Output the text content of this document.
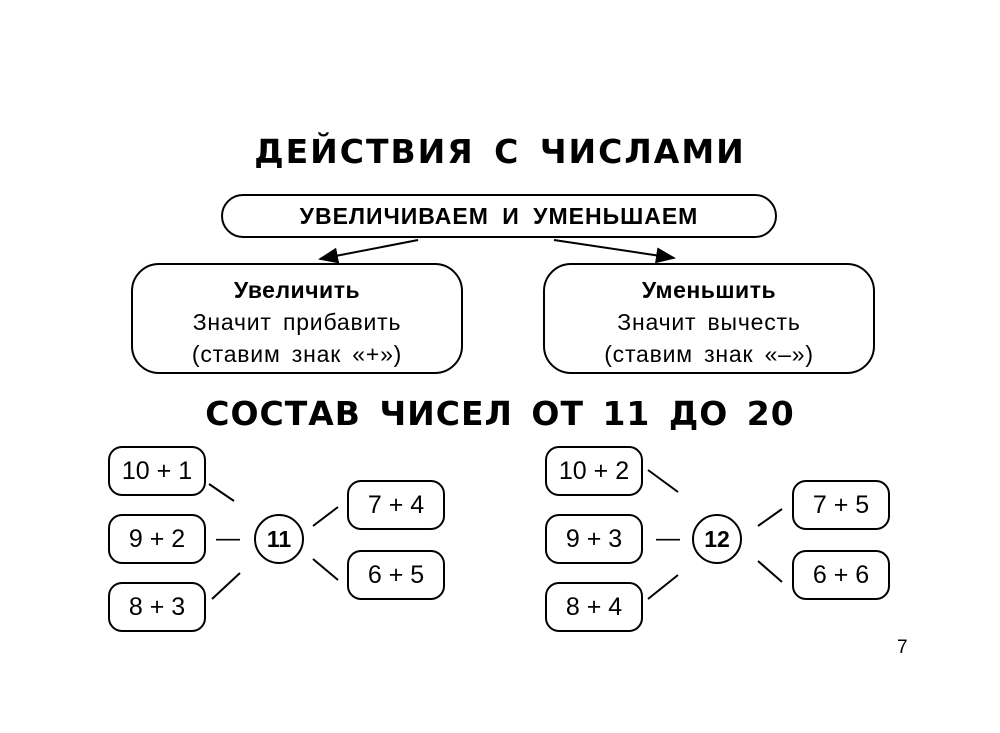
ДЕЙСТВИЯ С ЧИСЛАМИ
УВЕЛИЧИВАЕМ И УМЕНЬШАЕМ
Увеличить
Значит прибавить
(ставим знак «+»)
Уменьшить
Значит вычесть
(ставим знак «–»)
СОСТАВ ЧИСЕЛ ОТ 11 ДО 20
10 + 1
9 + 2
8 + 3
—	11
7 + 4
6 + 5
10 + 2
9 + 3
8 + 4
—	12
7 + 5
6 + 6
7
